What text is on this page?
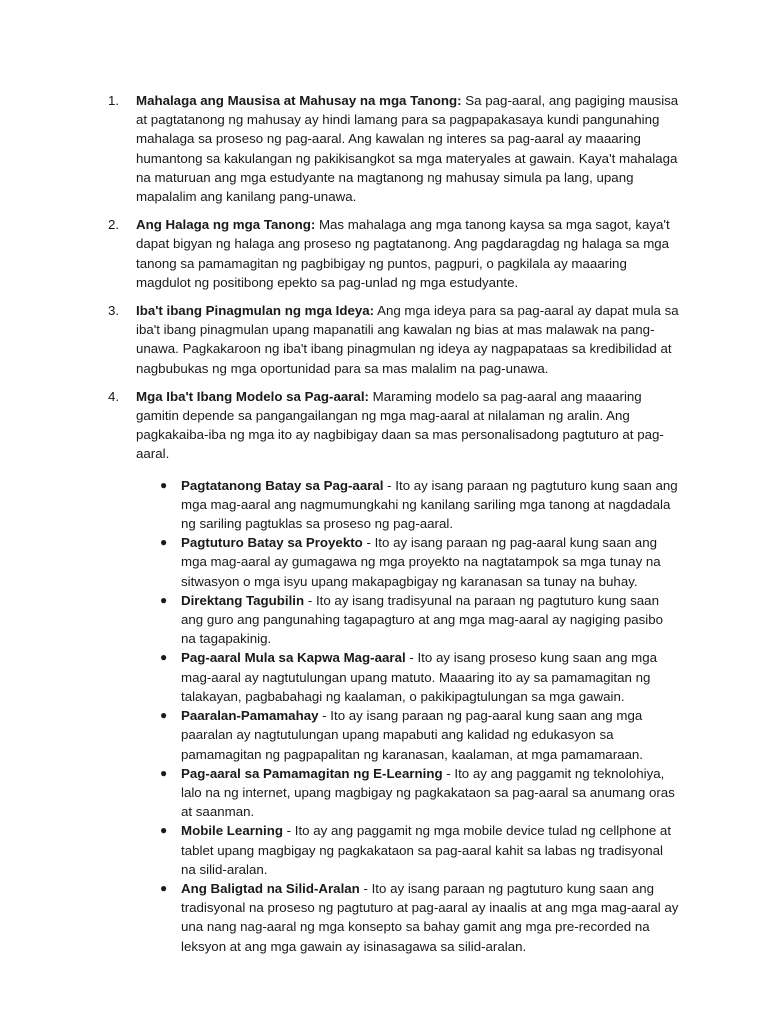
1. Mahalaga ang Mausisa at Mahusay na mga Tanong: Sa pag-aaral, ang pagiging mausisa at pagtatanong ng mahusay ay hindi lamang para sa pagpapakasaya kundi pangunahing mahalaga sa proseso ng pag-aaral. Ang kawalan ng interes sa pag-aaral ay maaaring humantong sa kakulangan ng pakikisangkot sa mga materyales at gawain. Kaya't mahalaga na maturuan ang mga estudyante na magtanong ng mahusay simula pa lang, upang mapalalim ang kanilang pang-unawa.
2. Ang Halaga ng mga Tanong: Mas mahalaga ang mga tanong kaysa sa mga sagot, kaya't dapat bigyan ng halaga ang proseso ng pagtatanong. Ang pagdaragdag ng halaga sa mga tanong sa pamamagitan ng pagbibigay ng puntos, pagpuri, o pagkilala ay maaaring magdulot ng positibong epekto sa pag-unlad ng mga estudyante.
3. Iba't ibang Pinagmulan ng mga Ideya: Ang mga ideya para sa pag-aaral ay dapat mula sa iba't ibang pinagmulan upang mapanatili ang kawalan ng bias at mas malawak na pang-unawa. Pagkakaroon ng iba't ibang pinagmulan ng ideya ay nagpapataas sa kredibilidad at nagbubukas ng mga oportunidad para sa mas malalim na pag-unawa.
4. Mga Iba't Ibang Modelo sa Pag-aaral: Maraming modelo sa pag-aaral ang maaaring gamitin depende sa pangangailangan ng mga mag-aaral at nilalaman ng aralin. Ang pagkakaiba-iba ng mga ito ay nagbibigay daan sa mas personalisadong pagtuturo at pag-aaral.
● Pagtatanong Batay sa Pag-aaral - Ito ay isang paraan ng pagtuturo kung saan ang mga mag-aaral ang nagmumungkahi ng kanilang sariling mga tanong at nagdadala ng sariling pagtuklas sa proseso ng pag-aaral.
● Pagtuturo Batay sa Proyekto - Ito ay isang paraan ng pag-aaral kung saan ang mga mag-aaral ay gumagawa ng mga proyekto na nagtatampok sa mga tunay na sitwasyon o mga isyu upang makapagbigay ng karanasan sa tunay na buhay.
● Direktang Tagubilin - Ito ay isang tradisyunal na paraan ng pagtuturo kung saan ang guro ang pangunahing tagapagturo at ang mga mag-aaral ay nagiging pasibo na tagapakinig.
● Pag-aaral Mula sa Kapwa Mag-aaral - Ito ay isang proseso kung saan ang mga mag-aaral ay nagtutulungan upang matuto. Maaaring ito ay sa pamamagitan ng talakayan, pagbabahagi ng kaalaman, o pakikipagtulungan sa mga gawain.
● Paaralan-Pamamahay - Ito ay isang paraan ng pag-aaral kung saan ang mga paaralan ay nagtutulungan upang mapabuti ang kalidad ng edukasyon sa pamamagitan ng pagpapalitan ng karanasan, kaalaman, at mga pamamaraan.
● Pag-aaral sa Pamamagitan ng E-Learning - Ito ay ang paggamit ng teknolohiya, lalo na ng internet, upang magbigay ng pagkakataon sa pag-aaral sa anumang oras at saanman.
● Mobile Learning - Ito ay ang paggamit ng mga mobile device tulad ng cellphone at tablet upang magbigay ng pagkakataon sa pag-aaral kahit sa labas ng tradisyonal na silid-aralan.
● Ang Baligtad na Silid-Aralan - Ito ay isang paraan ng pagtuturo kung saan ang tradisyonal na proseso ng pagtuturo at pag-aaral ay inaalis at ang mga mag-aaral ay una nang nag-aaral ng mga konsepto sa bahay gamit ang mga pre-recorded na leksyon at ang mga gawain ay isinasagawa sa silid-aralan.
